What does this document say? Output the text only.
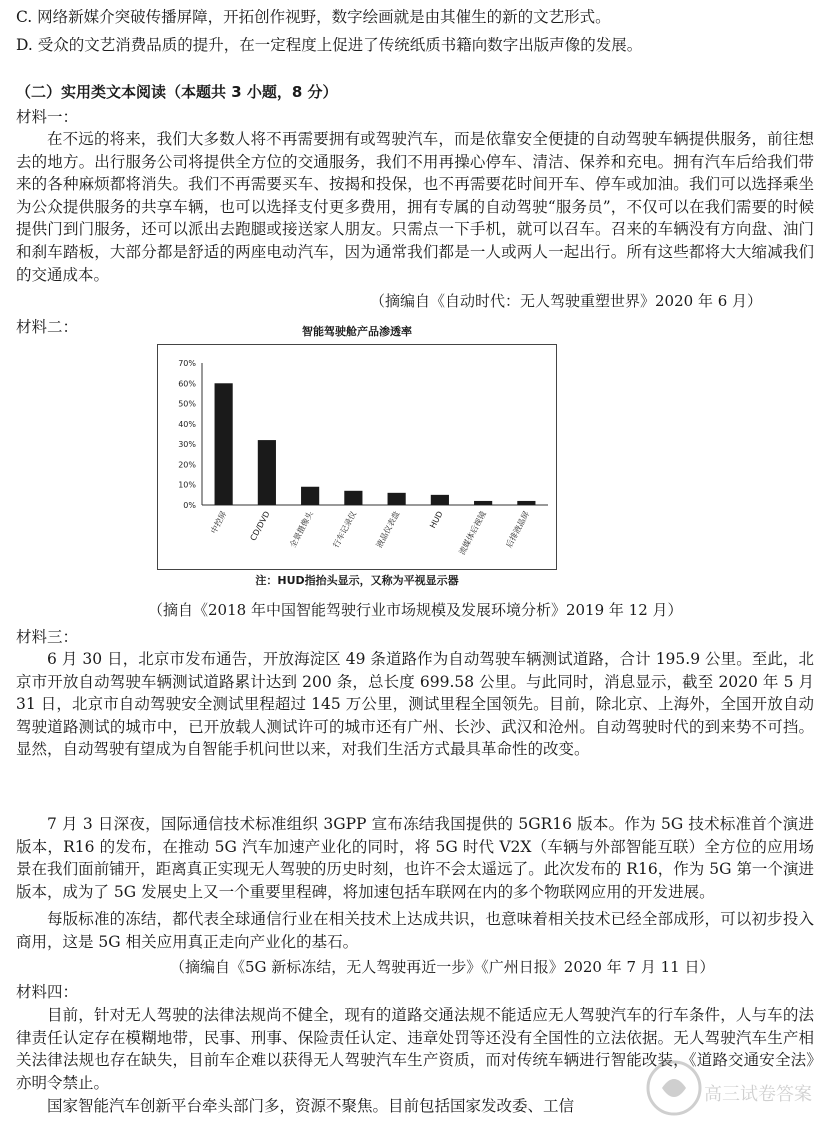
C. 网络新媒介突破传播屏障，开拓创作视野，数字绘画就是由其催生的新的文艺形式。
D. 受众的文艺消费品质的提升，在一定程度上促进了传统纸质书籍向数字出版声像的发展。
（二）实用类文本阅读（本题共 3 小题，8 分）
材料一：
在不远的将来，我们大多数人将不再需要拥有或驾驶汽车，而是依靠安全便捷的自动驾驶车辆提供服务，前往想去的地方。出行服务公司将提供全方位的交通服务，我们不用再操心停车、清洁、保养和充电。拥有汽车后给我们带来的各种麻烦都将消失。我们不再需要买车、按揭和投保，也不再需要花时间开车、停车或加油。我们可以选择乘坐为公众提供服务的共享车辆，也可以选择支付更多费用，拥有专属的自动驾驶“服务员”，不仅可以在我们需要的时候提供门到门服务，还可以派出去跑腿或接送家人朋友。只需点一下手机，就可以召车。召来的车辆没有方向盘、油门和刹车踏板，大部分都是舒适的两座电动汽车，因为通常我们都是一人或两人一起出行。所有这些都将大大缩减我们的交通成本。
（摘编自《自动时代：无人驾驶重塑世界》2020 年 6 月）
材料二：	智能驾驶舱产品渗透率
70%
60%
50%
40%
30%
20%
10%
0%
中控屏	CD/DVD 全景摄像头 行车记录仪 液晶仪表盘	HUD 流媒体后视镜 后排液晶屏
注：HUD指抬头显示，又称为平视显示器
（摘自《2018 年中国智能驾驶行业市场规模及发展环境分析》2019 年 12 月）
材料三：
6 月 30 日，北京市发布通告，开放海淀区 49 条道路作为自动驾驶车辆测试道路，合计 195.9 公里。至此，北京市开放自动驾驶车辆测试道路累计达到 200 条，总长度 699.58 公里。与此同时，消息显示，截至 2020 年 5 月 31 日，北京市自动驾驶安全测试里程超过 145 万公里，测试里程全国领先。目前，除北京、上海外，全国开放自动驾驶道路测试的城市中，已开放载人测试许可的城市还有广州、长沙、武汉和沧州。自动驾驶时代的到来势不可挡。显然，自动驾驶有望成为自智能手机问世以来，对我们生活方式最具革命性的改变。
7 月 3 日深夜，国际通信技术标准组织 3GPP 宣布冻结我国提供的 5GR16 版本。作为 5G 技术标准首个演进版本，R16 的发布，在推动 5G 汽车加速产业化的同时，将 5G 时代 V2X（车辆与外部智能互联）全方位的应用场景在我们面前铺开，距离真正实现无人驾驶的历史时刻，也许不会太遥远了。此次发布的 R16，作为 5G 第一个演进版本，成为了 5G 发展史上又一个重要里程碑，将加速包括车联网在内的多个物联网应用的开发进展。
每版标准的冻结，都代表全球通信行业在相关技术上达成共识，也意味着相关技术已经全部成形，可以初步投入商用，这是 5G 相关应用真正走向产业化的基石。
（摘编自《5G 新标冻结，无人驾驶再近一步》《广州日报》2020 年 7 月 11 日）
材料四：
目前，针对无人驾驶的法律法规尚不健全，现有的道路交通法规不能适应无人驾驶汽车的行车条件，人与车的法律责任认定存在模糊地带，民事、刑事、保险责任认定、违章处罚等还没有全国性的立法依据。无人驾驶汽车生产相关法律法规也存在缺失，目前车企难以获得无人驾驶汽车生产资质，而对传统车辆进行智能改装，《道路交通安全法》亦明令禁止。
国家智能汽车创新平台牵头部门多，资源不聚焦。目前包括国家发改委、工信
高三试卷答案
